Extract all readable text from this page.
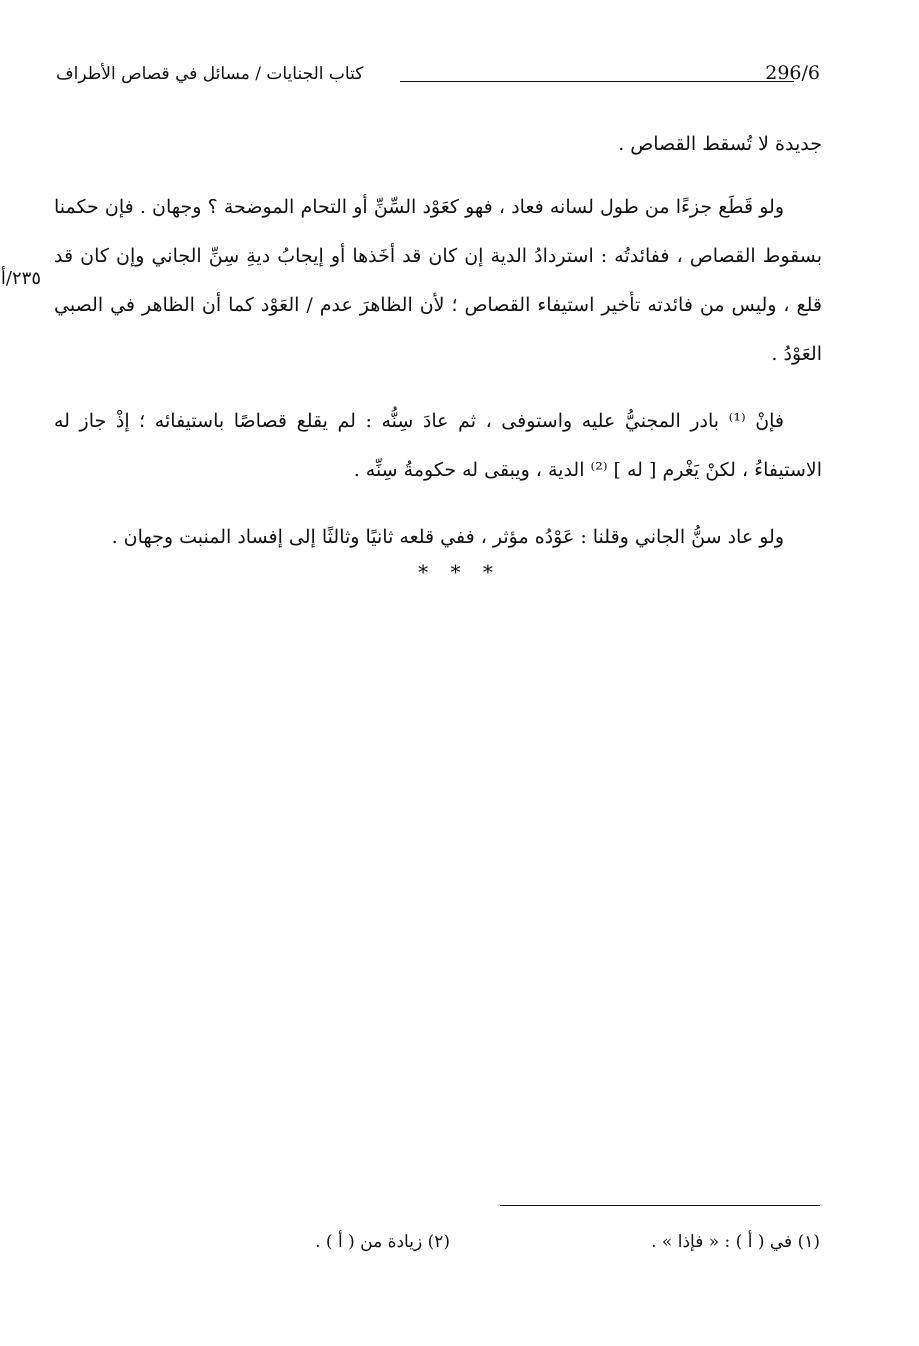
296/6
كتاب الجنايات / مسائل في قصاص الأطراف
٢٣٥/أ

جديدة لا تُسقط القصاص .

ولو قَطَع جزءًا من طول لسانه فعاد ، فهو كعَوْد السِّنِّ أو التحام الموضحة ؟ وجهان . فإن حكمنا بسقوط القصاص ، ففائدتُه : استردادُ الدية إن كان قد أخَذها أو إيجابُ ديةِ سِنِّ الجاني وإن كان قد قلع ، وليس من فائدته تأخير استيفاء القصاص ؛ لأن الظاهرَ عدم / العَوْد كما أن الظاهر في الصبي العَوْدُ .

فإنْ ⁽¹⁾ بادر المجنيُّ عليه واستوفى ، ثم عادَ سِنُّه : لم يقلع قصاصًا باستيفائه ؛ إذْ جاز له الاستيفاءُ ، لكنْ يَغْرم [ له ] ⁽²⁾ الدية ، ويبقى له حكومةُ سِنِّه .

ولو عاد سنُّ الجاني وقلنا : عَوْدُه مؤثر ، ففي قلعه ثانيًا وثالثًا إلى إفساد المنبت وجهان .

* * *
(١) في ( أ ) : « فإذا » .
(٢) زيادة من ( أ ) .
